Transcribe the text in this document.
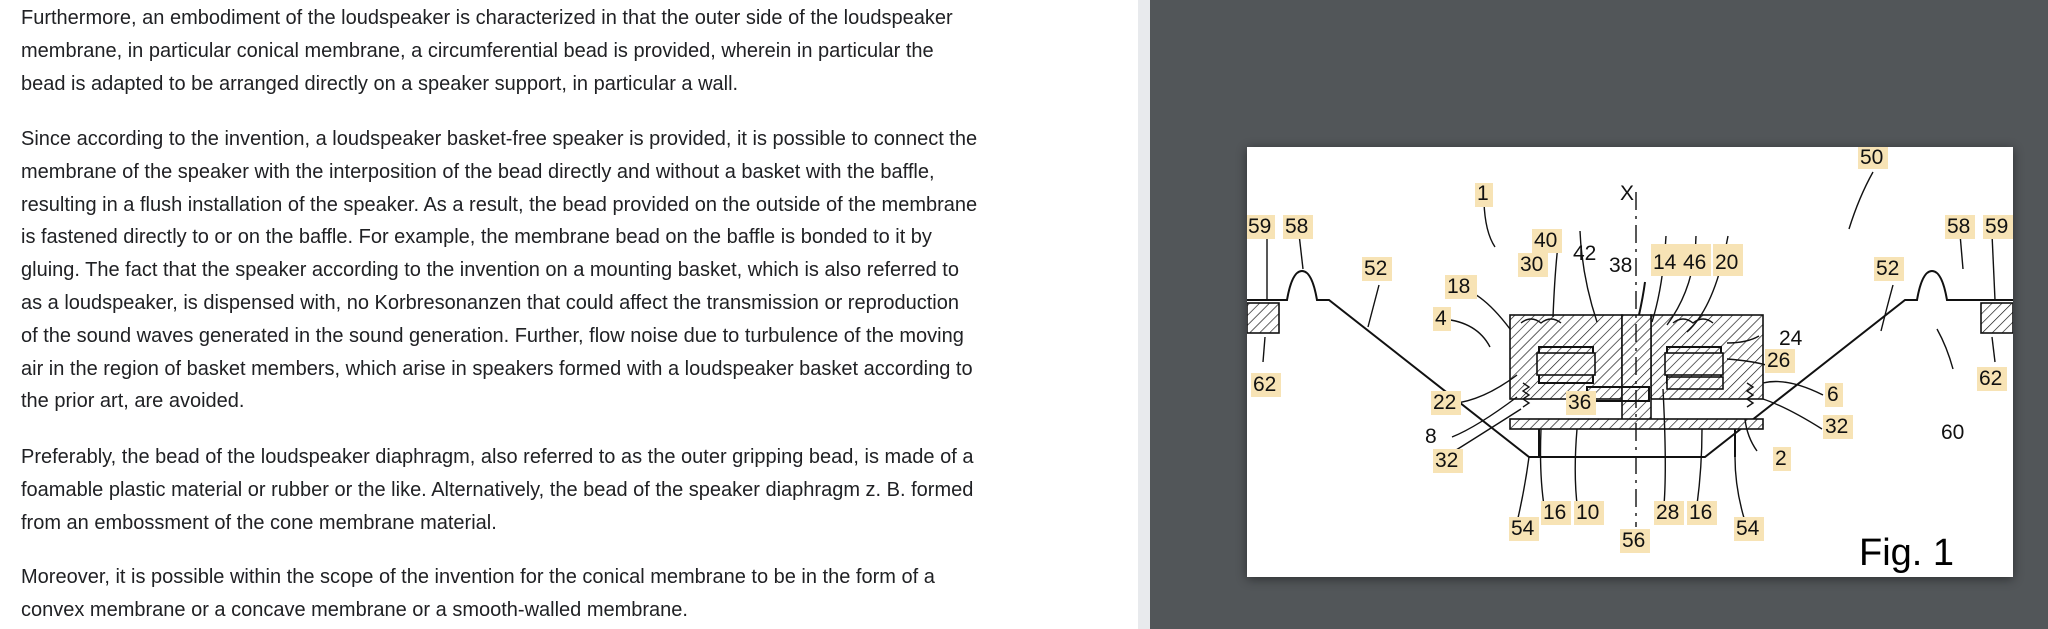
Furthermore, an embodiment of the loudspeaker is characterized in that the outer side of the loudspeaker membrane, in particular conical membrane, a circumferential bead is provided, wherein in particular the bead is adapted to be arranged directly on a speaker support, in particular a wall.

Since according to the invention, a loudspeaker basket-free speaker is provided, it is possible to connect the membrane of the speaker with the interposition of the bead directly and without a basket with the baffle, resulting in a flush installation of the speaker. As a result, the bead provided on the outside of the membrane is fastened directly to or on the baffle. For example, the membrane bead on the baffle is bonded to it by gluing. The fact that the speaker according to the invention on a mounting basket, which is also referred to as a loudspeaker, is dispensed with, no Korbresonanzen that could affect the transmission or reproduction of the sound waves generated in the sound generation. Further, flow noise due to turbulence of the moving air in the region of basket members, which arise in speakers formed with a loudspeaker basket according to the prior art, are avoided.

Preferably, the bead of the loudspeaker diaphragm, also referred to as the outer gripping bead, is made of a foamable plastic material or rubber or the like. Alternatively, the bead of the speaker diaphragm z. B. formed from an embossment of the cone membrane material.

Moreover, it is possible within the scope of the invention for the conical membrane to be in the form of a convex membrane or a concave membrane or a smooth-walled membrane.

50
1	X
40
42
38 14 46 20
30
18
4
24
26
6
32
2
22
8
32
36
16 10	28 16
54	54
56
59 58
52
62
52
58 59
62
60
Fig. 1
